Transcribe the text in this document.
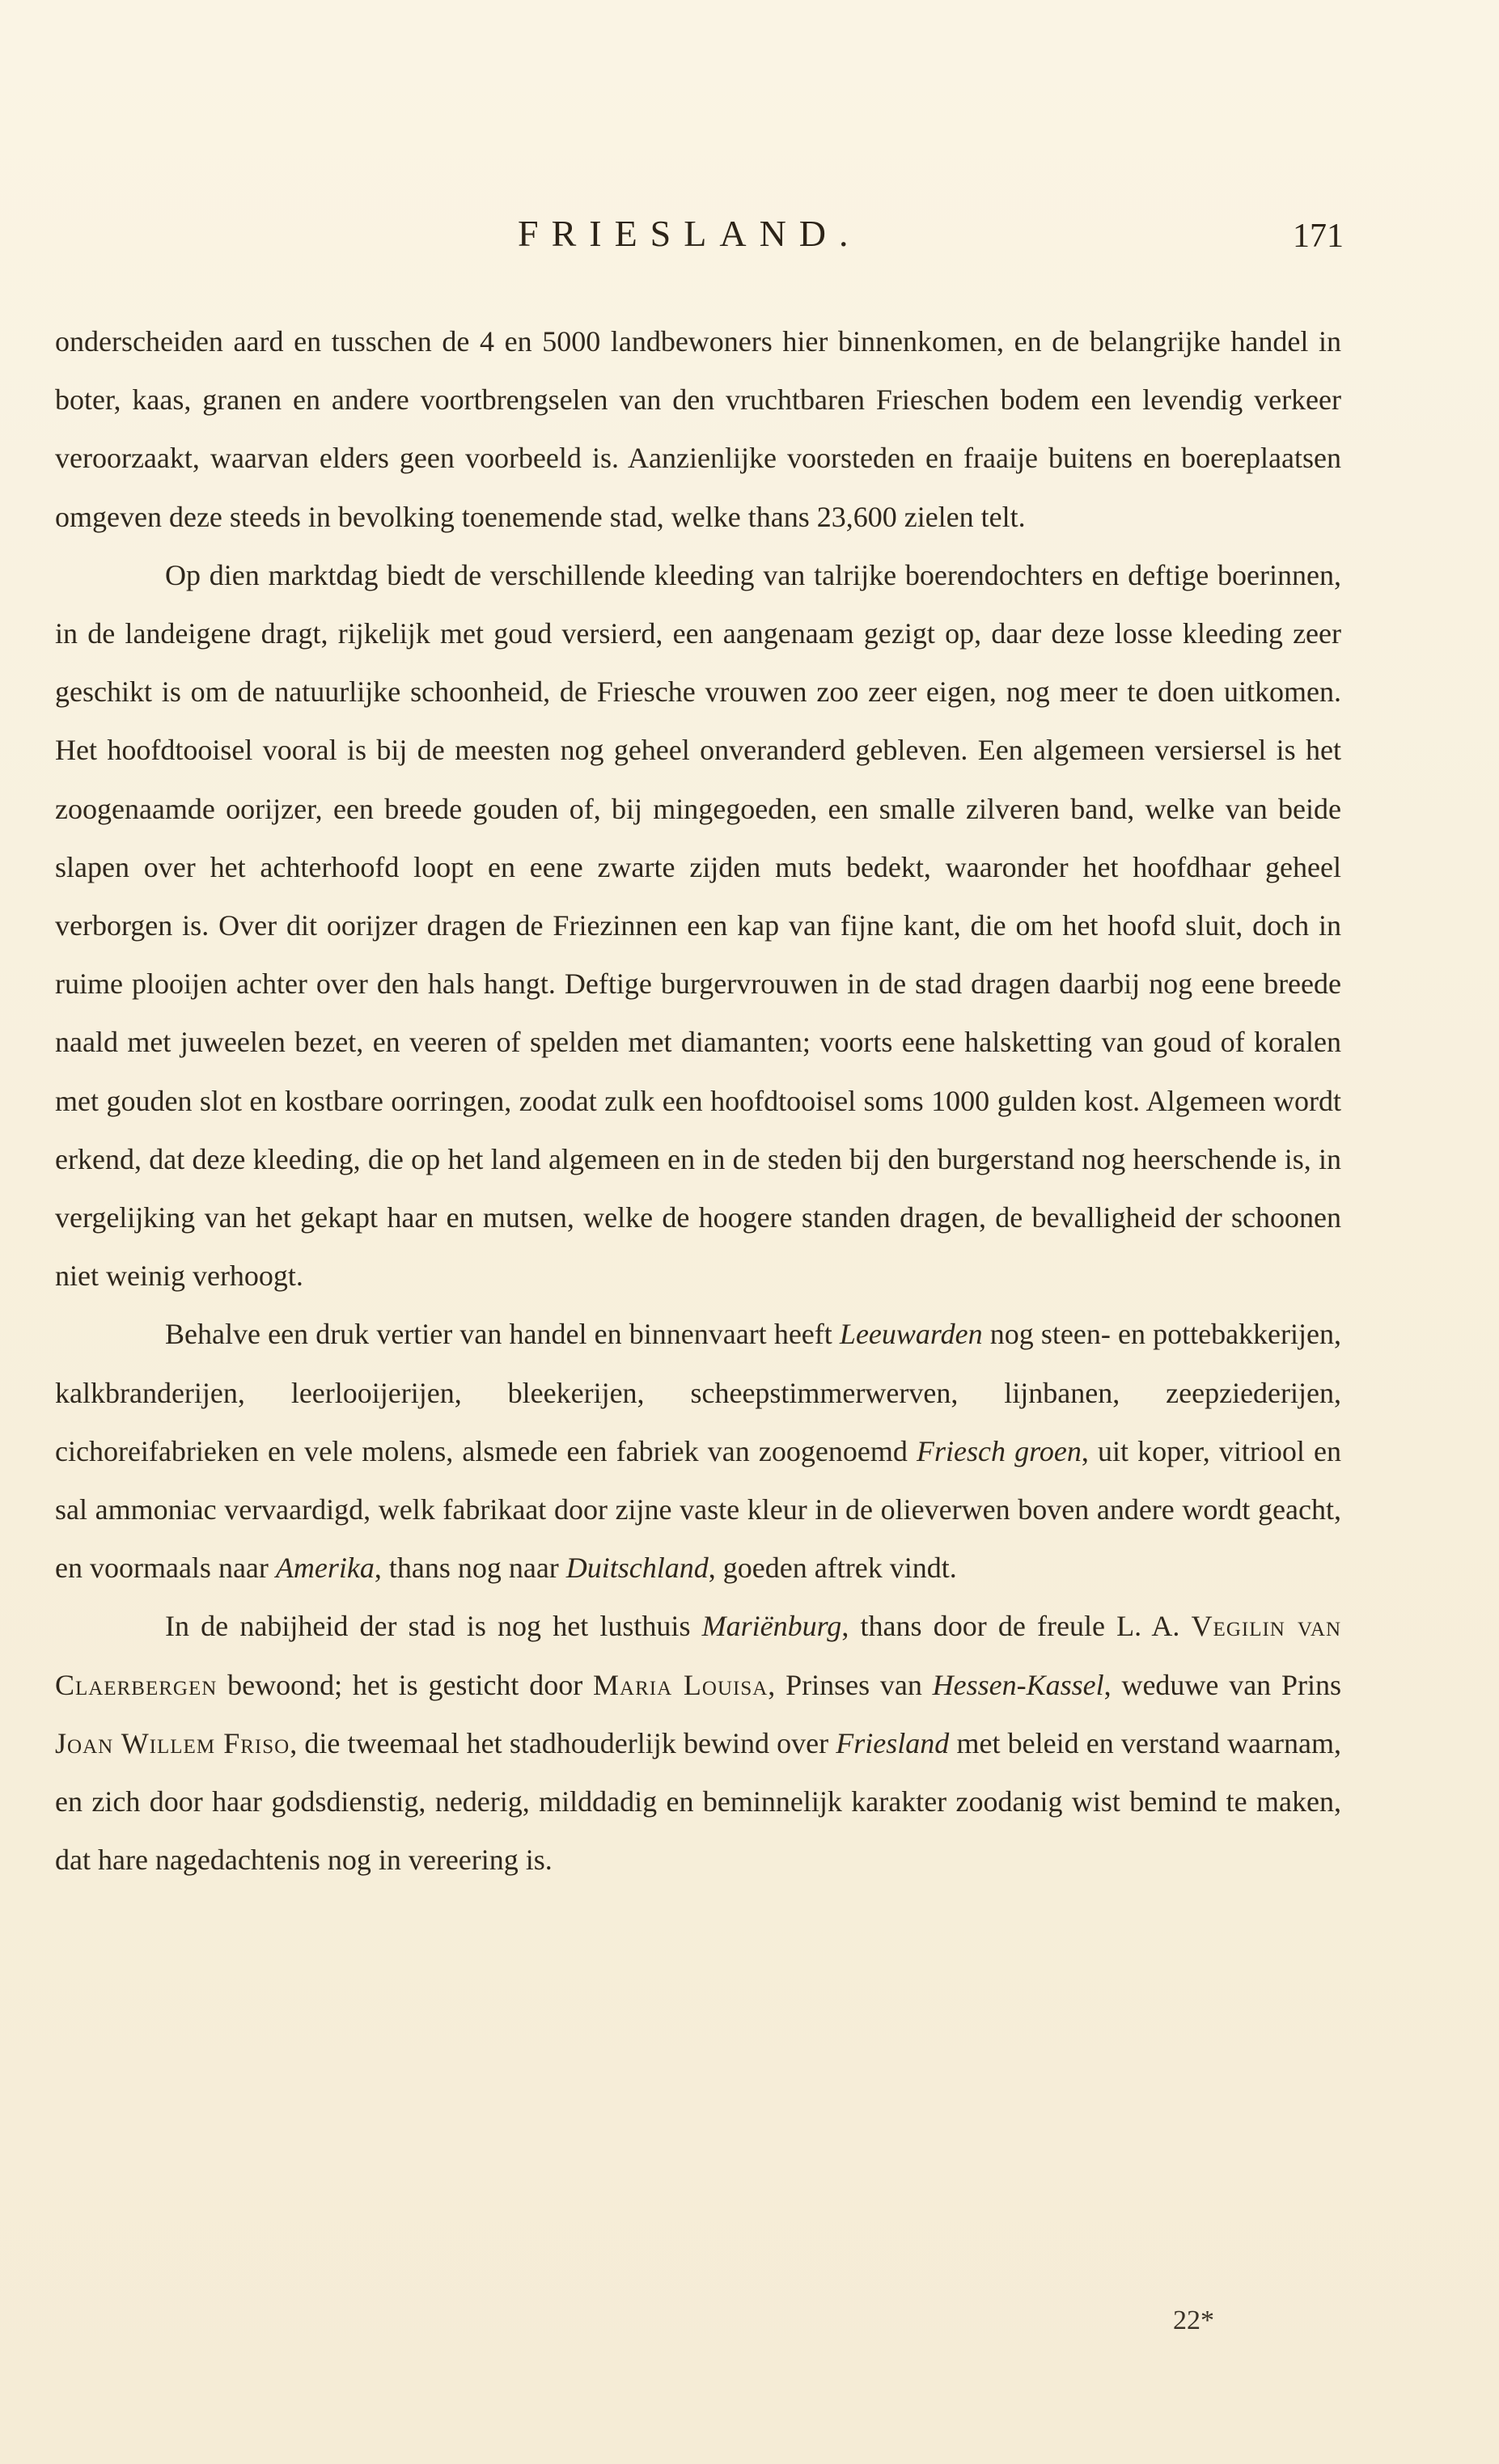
FRIESLAND.	171

onderscheiden aard en tusschen de 4 en 5000 landbewoners hier binnenkomen, en de belangrijke handel in boter, kaas, granen en andere voortbrengselen van den vruchtbaren Frieschen bodem een levendig verkeer veroorzaakt, waarvan elders geen voorbeeld is. Aanzienlijke voorsteden en fraaije buitens en boereplaatsen omgeven deze steeds in bevolking toenemende stad, welke thans 23,600 zielen telt.

Op dien marktdag biedt de verschillende kleeding van talrijke boerendochters en deftige boerinnen, in de landeigene dragt, rijkelijk met goud versierd, een aangenaam gezigt op, daar deze losse kleeding zeer geschikt is om de natuurlijke schoonheid, de Friesche vrouwen zoo zeer eigen, nog meer te doen uitkomen. Het hoofdtooisel vooral is bij de meesten nog geheel onveranderd gebleven. Een algemeen versiersel is het zoogenaamde oorijzer, een breede gouden of, bij mingegoeden, een smalle zilveren band, welke van beide slapen over het achterhoofd loopt en eene zwarte zijden muts bedekt, waaronder het hoofdhaar geheel verborgen is. Over dit oorijzer dragen de Friezinnen een kap van fijne kant, die om het hoofd sluit, doch in ruime plooijen achter over den hals hangt. Deftige burgervrouwen in de stad dragen daarbij nog eene breede naald met juweelen bezet, en veeren of spelden met diamanten; voorts eene halsketting van goud of koralen met gouden slot en kostbare oorringen, zoodat zulk een hoofdtooisel soms 1000 gulden kost. Algemeen wordt erkend, dat deze kleeding, die op het land algemeen en in de steden bij den burgerstand nog heerschende is, in vergelijking van het gekapt haar en mutsen, welke de hoogere standen dragen, de bevalligheid der schoonen niet weinig verhoogt.

Behalve een druk vertier van handel en binnenvaart heeft Leeuwarden nog steen- en pottebakkerijen, kalkbranderijen, leerlooijerijen, bleekerijen, scheepstimmerwerven, lijnbanen, zeepziederijen, cichoreifabrieken en vele molens, alsmede een fabriek van zoogenoemd Friesch groen, uit koper, vitriool en sal ammoniac vervaardigd, welk fabrikaat door zijne vaste kleur in de olieverwen boven andere wordt geacht, en voormaals naar Amerika, thans nog naar Duitschland, goeden aftrek vindt.

In de nabijheid der stad is nog het lusthuis Mariënburg, thans door de freule L. A. Vegilin van Claerbergen bewoond; het is gesticht door Maria Louisa, Prinses van Hessen-Kassel, weduwe van Prins Joan Willem Friso, die tweemaal het stadhouderlijk bewind over Friesland met beleid en verstand waarnam, en zich door haar godsdienstig, nederig, milddadig en beminnelijk karakter zoodanig wist bemind te maken, dat hare nagedachtenis nog in vereering is.

22*
